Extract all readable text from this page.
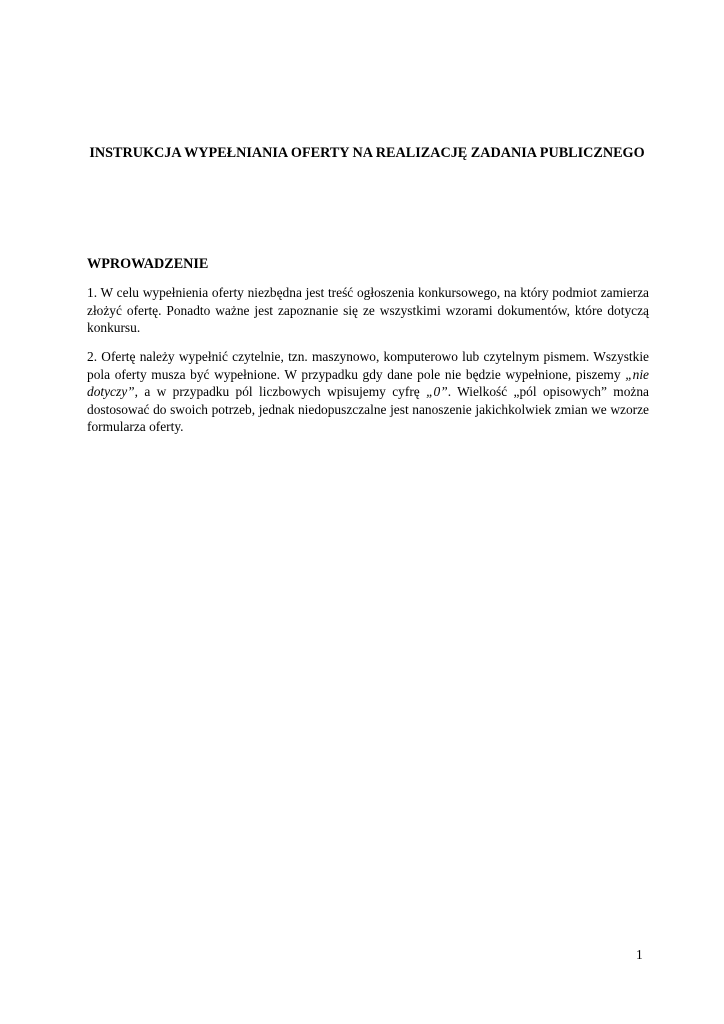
INSTRUKCJA WYPEŁNIANIA OFERTY NA REALIZACJĘ ZADANIA PUBLICZNEGO
WPROWADZENIE
1. W celu wypełnienia oferty niezbędna jest treść ogłoszenia konkursowego, na który podmiot zamierza złożyć ofertę. Ponadto ważne jest zapoznanie się ze wszystkimi wzorami dokumentów, które dotyczą konkursu.
2. Ofertę należy wypełnić czytelnie, tzn. maszynowo, komputerowo lub czytelnym pismem. Wszystkie pola oferty musza być wypełnione. W przypadku gdy dane pole nie będzie wypełnione, piszemy „nie dotyczy”, a w przypadku pól liczbowych wpisujemy cyfrę „0”. Wielkość „pól opisowych” można dostosować do swoich potrzeb, jednak niedopuszczalne jest nanoszenie jakichkolwiek zmian we wzorze formularza oferty.
1
